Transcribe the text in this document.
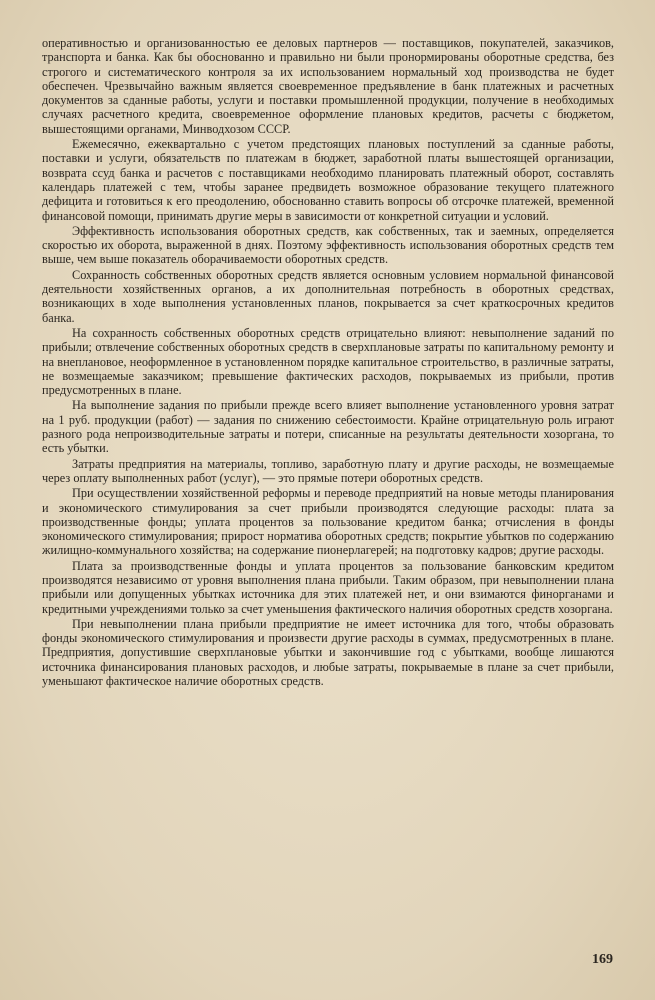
оперативностью и организованностью ее деловых партнеров — поставщиков, покупателей, заказчиков, транспорта и банка. Как бы обоснованно и правильно ни были пронормированы оборотные средства, без строгого и систематического контроля за их использованием нормальный ход производства не будет обеспечен. Чрезвычайно важным является своевременное предъявление в банк платежных и расчетных документов за сданные работы, услуги и поставки промышленной продукции, получение в необходимых случаях расчетного кредита, своевременное оформление плановых кредитов, расчеты с бюджетом, вышестоящими органами, Минводхозом СССР.

Ежемесячно, ежеквартально с учетом предстоящих плановых поступлений за сданные работы, поставки и услуги, обязательств по платежам в бюджет, заработной платы вышестоящей организации, возврата ссуд банка и расчетов с поставщиками необходимо планировать платежный оборот, составлять календарь платежей с тем, чтобы заранее предвидеть возможное образование текущего платежного дефицита и готовиться к его преодолению, обоснованно ставить вопросы об отсрочке платежей, временной финансовой помощи, принимать другие меры в зависимости от конкретной ситуации и условий.

Эффективность использования оборотных средств, как собственных, так и заемных, определяется скоростью их оборота, выраженной в днях. Поэтому эффективность использования оборотных средств тем выше, чем выше показатель оборачиваемости оборотных средств.

Сохранность собственных оборотных средств является основным условием нормальной финансовой деятельности хозяйственных органов, а их дополнительная потребность в оборотных средствах, возникающих в ходе выполнения установленных планов, покрывается за счет краткосрочных кредитов банка.

На сохранность собственных оборотных средств отрицательно влияют: невыполнение заданий по прибыли; отвлечение собственных оборотных средств в сверхплановые затраты по капитальному ремонту и на внеплановое, неоформленное в установленном порядке капитальное строительство, в различные затраты, не возмещаемые заказчиком; превышение фактических расходов, покрываемых из прибыли, против предусмотренных в плане.

На выполнение задания по прибыли прежде всего влияет выполнение установленного уровня затрат на 1 руб. продукции (работ) — задания по снижению себестоимости. Крайне отрицательную роль играют разного рода непроизводительные затраты и потери, списанные на результаты деятельности хозоргана, то есть убытки.

Затраты предприятия на материалы, топливо, заработную плату и другие расходы, не возмещаемые через оплату выполненных работ (услуг), — это прямые потери оборотных средств.

При осуществлении хозяйственной реформы и переводе предприятий на новые методы планирования и экономического стимулирования за счет прибыли производятся следующие расходы: плата за производственные фонды; уплата процентов за пользование кредитом банка; отчисления в фонды экономического стимулирования; прирост норматива оборотных средств; покрытие убытков по содержанию жилищно-коммунального хозяйства; на содержание пионерлагерей; на подготовку кадров; другие расходы.

Плата за производственные фонды и уплата процентов за пользование банковским кредитом производятся независимо от уровня выполнения плана прибыли. Таким образом, при невыполнении плана прибыли или допущенных убытках источника для этих платежей нет, и они взимаются финорганами и кредитными учреждениями только за счет уменьшения фактического наличия оборотных средств хозоргана.

При невыполнении плана прибыли предприятие не имеет источника для того, чтобы образовать фонды экономического стимулирования и произвести другие расходы в суммах, предусмотренных в плане. Предприятия, допустившие сверхплановые убытки и закончившие год с убытками, вообще лишаются источника финансирования плановых расходов, и любые затраты, покрываемые в плане за счет прибыли, уменьшают фактическое наличие оборотных средств.

169
